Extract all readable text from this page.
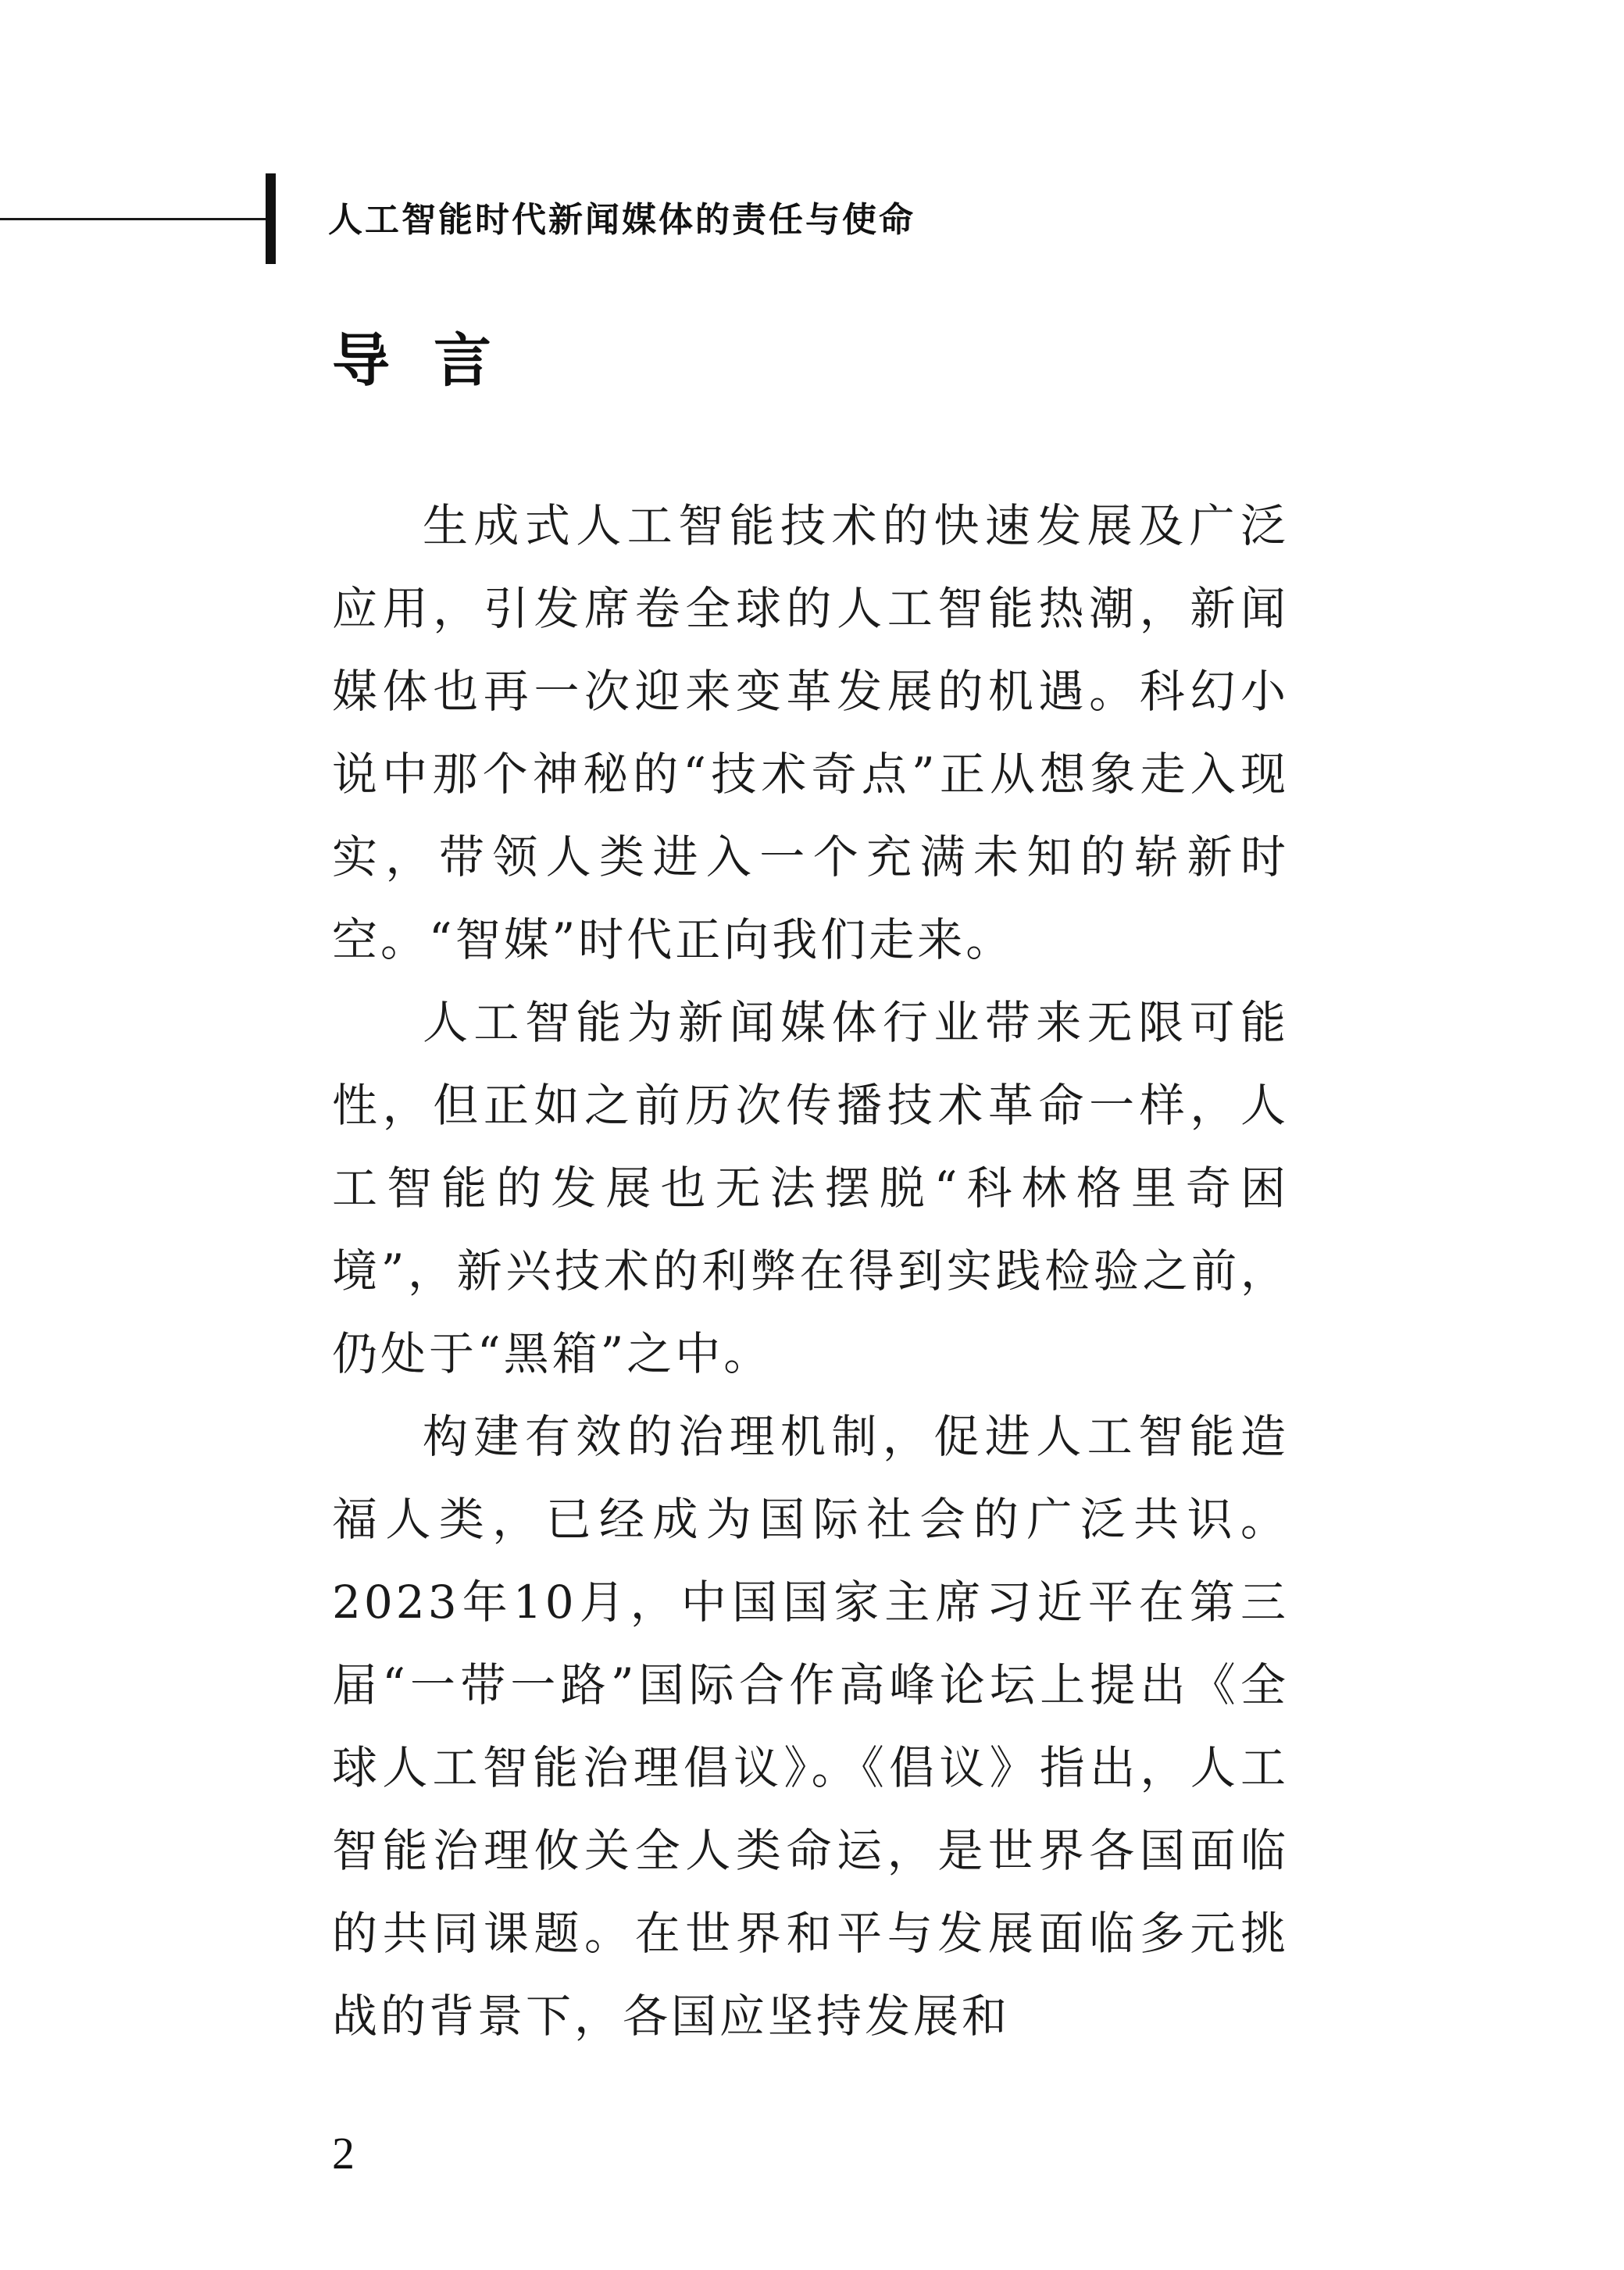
人工智能时代新闻媒体的责任与使命
导言

生成式人工智能技术的快速发展及广泛应用，引发席卷全球的人工智能热潮，新闻媒体也再一次迎来变革发展的机遇。科幻小说中那个神秘的“技术奇点”正从想象走入现实，带领人类进入一个充满未知的崭新时空。“智媒”时代正向我们走来。

人工智能为新闻媒体行业带来无限可能性，但正如之前历次传播技术革命一样，人工智能的发展也无法摆脱“科林格里奇困境”，新兴技术的利弊在得到实践检验之前，仍处于“黑箱”之中。

构建有效的治理机制，促进人工智能造福人类，已经成为国际社会的广泛共识。2023年10月，中国国家主席习近平在第三届“一带一路”国际合作高峰论坛上提出《全球人工智能治理倡议》。《倡议》指出，人工智能治理攸关全人类命运，是世界各国面临的共同课题。在世界和平与发展面临多元挑战的背景下，各国应坚持发展和

2
